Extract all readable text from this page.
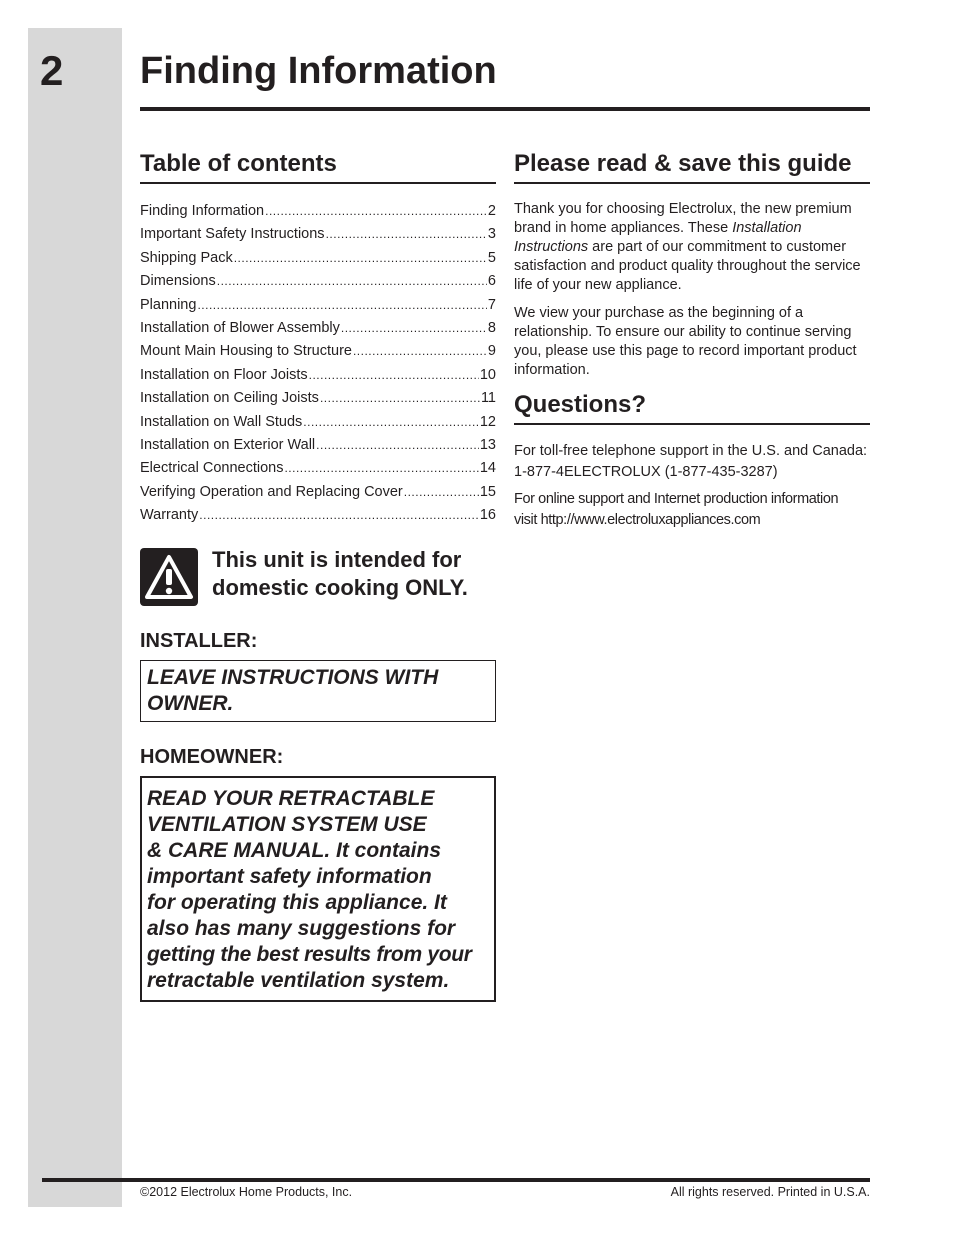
2 Finding Information
Table of contents
Finding Information .....	2
Important Safety Instructions .....	3
Shipping Pack .....	5
Dimensions .....	6
Planning .....	7
Installation of Blower Assembly .....	8
Mount Main Housing to Structure .....	9
Installation on Floor Joists .....	10
Installation on Ceiling Joists .....	11
Installation on Wall Studs .....	12
Installation on Exterior Wall .....	13
Electrical Connections .....	14
Verifying Operation and Replacing Cover .....	15
Warranty .....	16
This unit is intended for
domestic cooking ONLY.
INSTALLER:
LEAVE INSTRUCTIONS WITH OWNER.
HOMEOWNER:
READ YOUR RETRACTABLE
VENTILATION SYSTEM USE
& CARE MANUAL. It contains
important safety information
for operating this appliance. It
also has many suggestions for
getting the best results from your
retractable ventilation system.
Please read & save this guide

Thank you for choosing Electrolux, the new premium brand in home appliances. These Installation Instructions are part of our commitment to customer satisfaction and product quality throughout the service life of your new appliance.

We view your purchase as the beginning of a relationship. To ensure our ability to continue serving you, please use this page to record important product information.

Questions?

For toll-free telephone support in the U.S. and Canada:

1-877-4ELECTROLUX (1-877-435-3287)

For online support and Internet production information
visit http://www.electroluxappliances.com

©2012 Electrolux Home Products, Inc.	All rights reserved. Printed in U.S.A.
